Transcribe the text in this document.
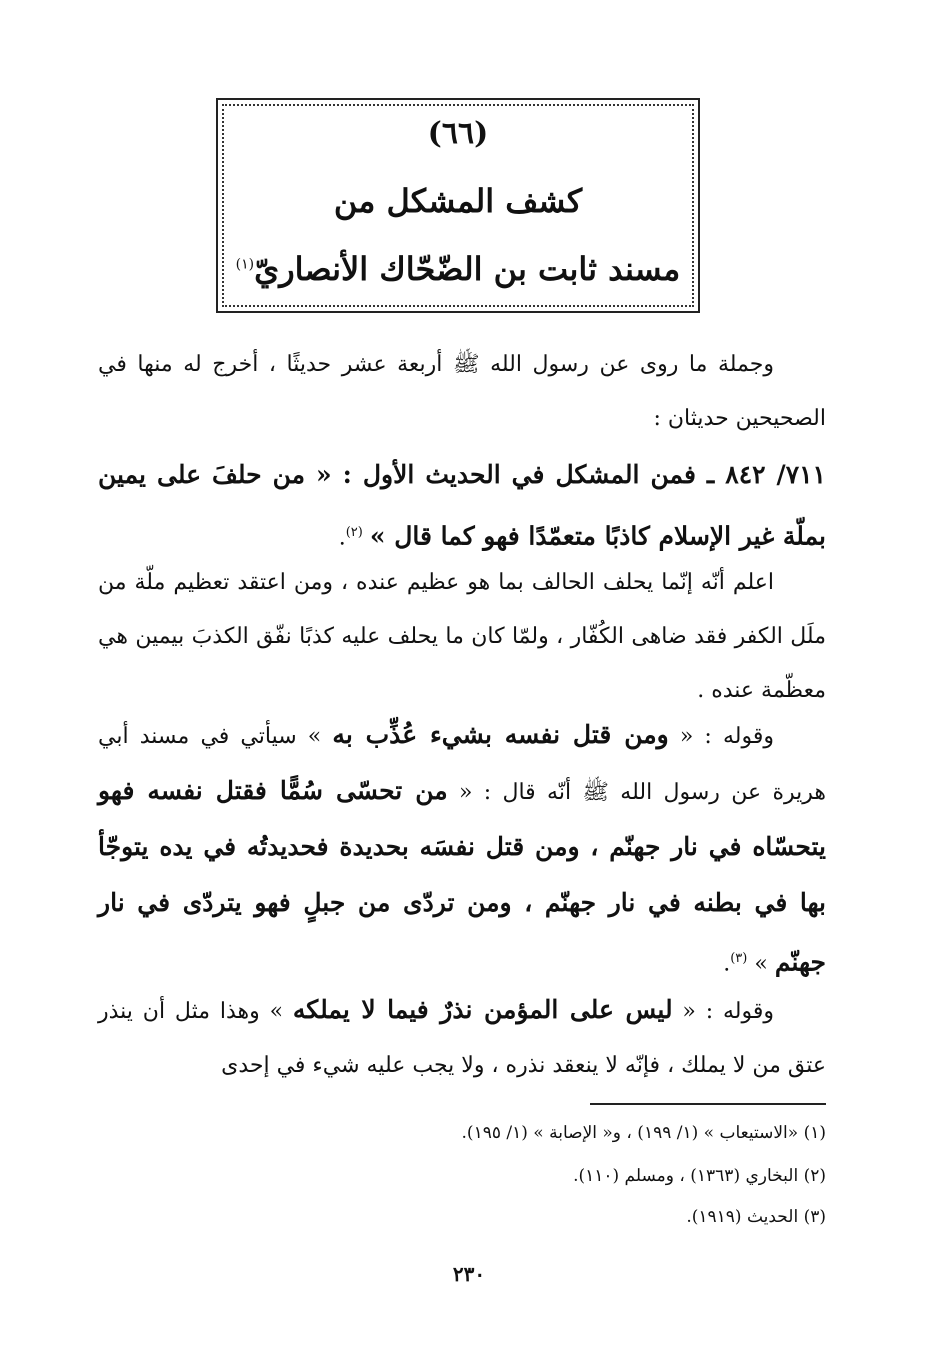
(٦٦)
كشف المشكل من
مسند ثابت بن الضّحّاك الأنصاريّ$^{(١)}$

وجملة ما روى عن رسول الله ﷺ أربعة عشر حديثًا ، أخرج له منها في الصحيحين حديثان :

٧١١/ ٨٤٢ ـ فمن المشكل في الحديث الأول : « من حلفَ على يمين بملّة غير الإسلام كاذبًا متعمّدًا فهو كما قال » $^{(٢)}$.

اعلم أنّه إنّما يحلف الحالف بما هو عظيم عنده ، ومن اعتقد تعظيم ملّة من ملَل الكفر فقد ضاهى الكُفّار ، ولمّا كان ما يحلف عليه كذبًا نفّق الكذبَ بيمين هي معظّمة عنده .

وقوله : « ومن قتل نفسه بشيء عُذِّب به » سيأتي في مسند أبي هريرة عن رسول الله ﷺ أنّه قال : « من تحسّى سُمًّا فقتل نفسه فهو يتحسّاه في نار جهنّم ، ومن قتل نفسَه بحديدة فحديدتُه في يده يتوجّأ بها في بطنه في نار جهنّم ، ومن تردّى من جبلٍ فهو يتردّى في نار جهنّم » $^{(٣)}$.

وقوله : « ليس على المؤمن نذرٌ فيما لا يملكه » وهذا مثل أن ينذر عتق من لا يملك ، فإنّه لا ينعقد نذره ، ولا يجب عليه شيء في إحدى

(١) «الاستيعاب » (١/ ١٩٩) ، و« الإصابة » (١/ ١٩٥).
(٢) البخاري (١٣٦٣) ، ومسلم (١١٠).
(٣) الحديث (١٩١٩).
٢٣٠
